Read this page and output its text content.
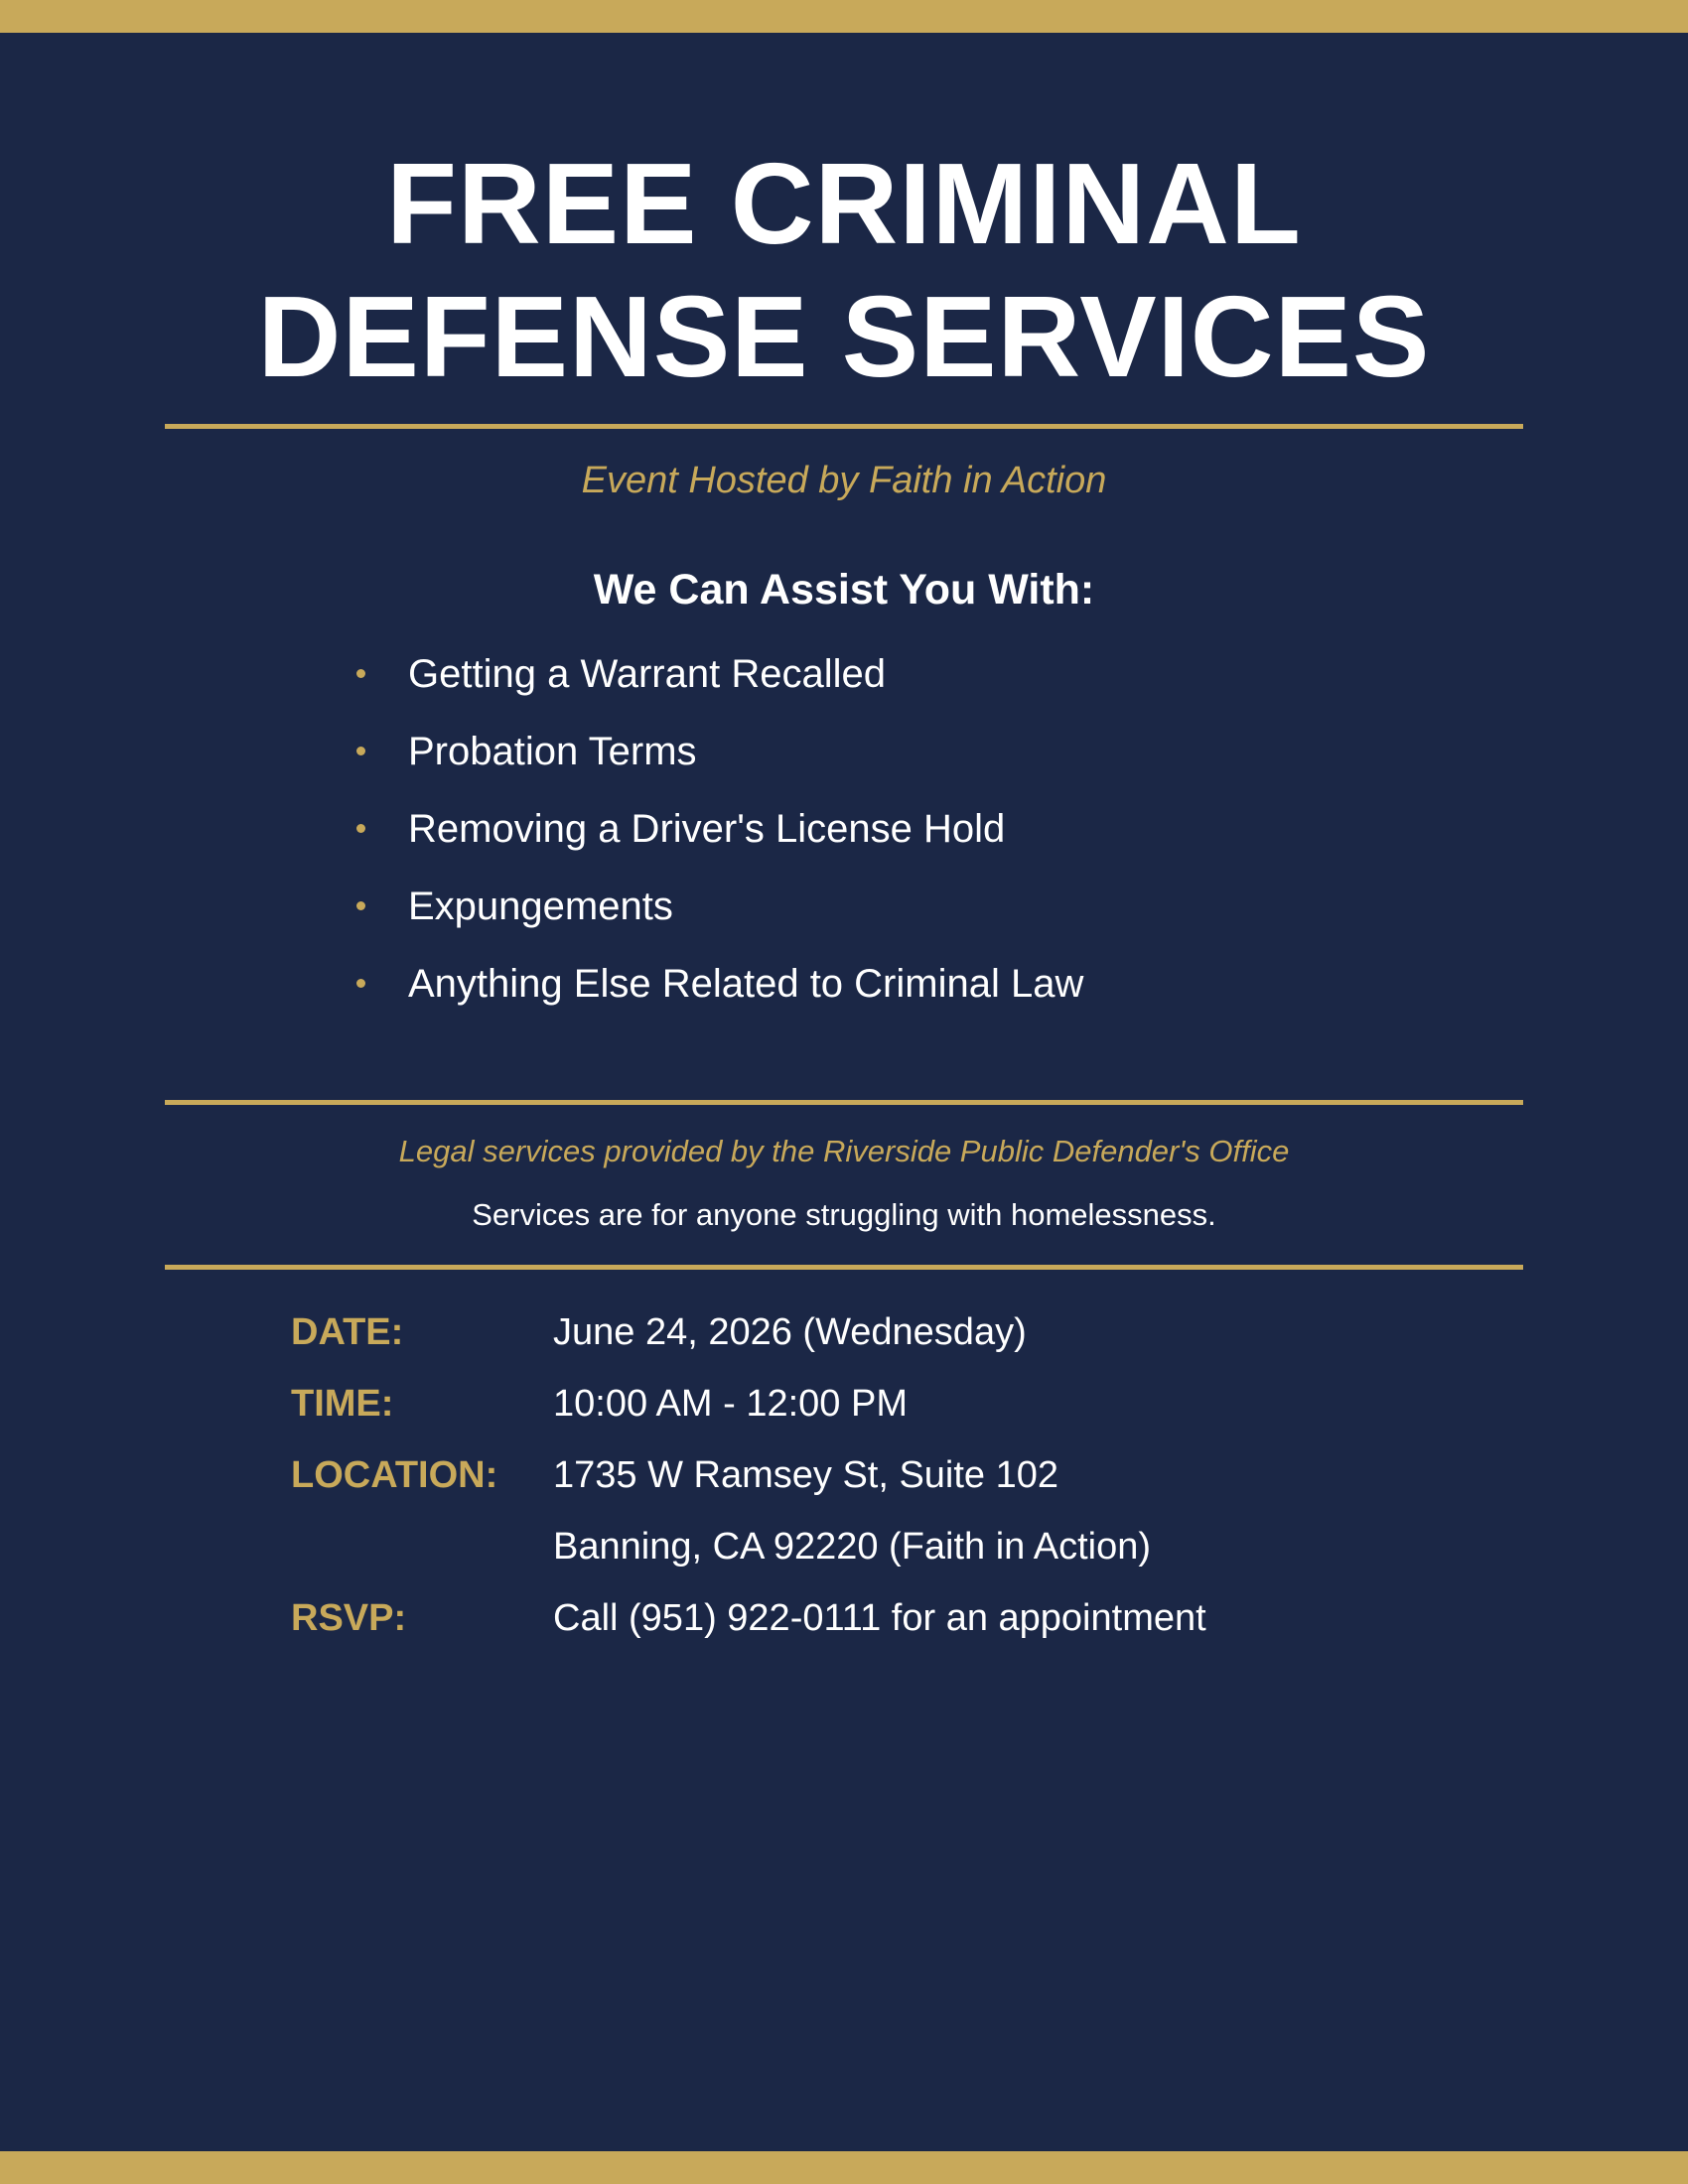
FREE CRIMINAL
DEFENSE SERVICES
Event Hosted by Faith in Action
We Can Assist You With:
Getting a Warrant Recalled
Probation Terms
Removing a Driver's License Hold
Expungements
Anything Else Related to Criminal Law
Legal services provided by the Riverside Public Defender's Office
Services are for anyone struggling with homelessness.
DATE:	June 24, 2026 (Wednesday)
TIME:	10:00 AM - 12:00 PM
LOCATION: 1735 W Ramsey St, Suite 102
Banning, CA 92220 (Faith in Action)
RSVP:	Call (951) 922-0111 for an appointment
